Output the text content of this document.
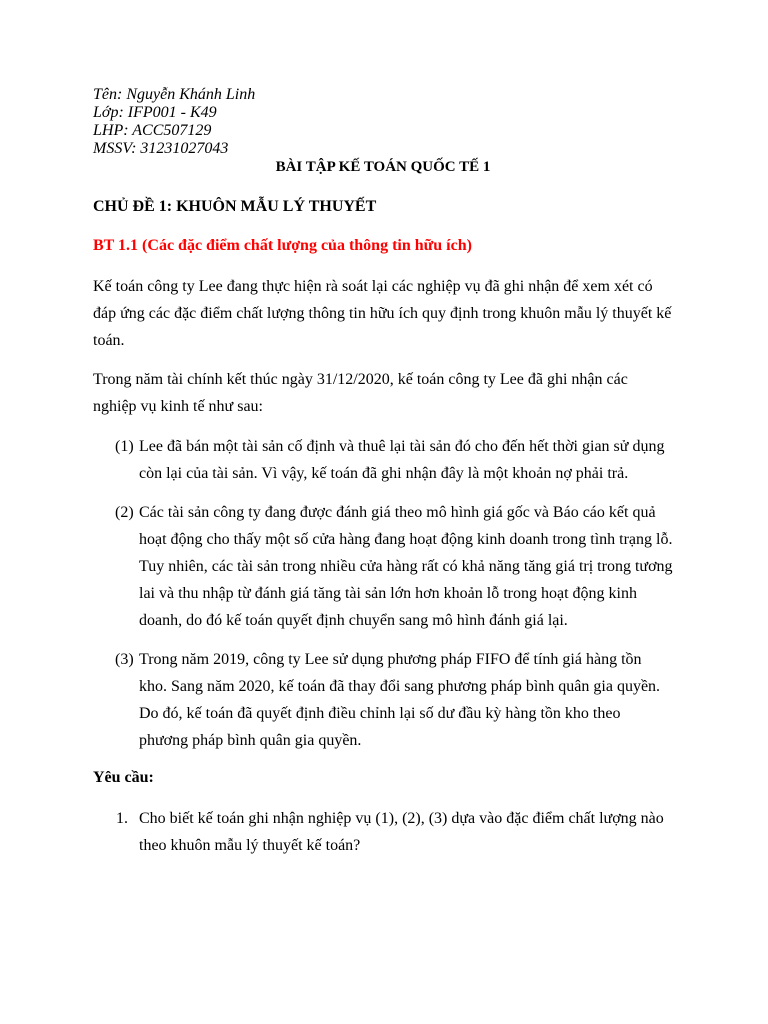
Tên: Nguyễn Khánh Linh

Lớp: IFP001 - K49

LHP: ACC507129

MSSV: 31231027043

BÀI TẬP KẾ TOÁN QUỐC TẾ 1

CHỦ ĐỀ 1: KHUÔN MẪU LÝ THUYẾT

BT 1.1 (Các đặc điểm chất lượng của thông tin hữu ích)

Kế toán công ty Lee đang thực hiện rà soát lại các nghiệp vụ đã ghi nhận để xem xét có đáp ứng các đặc điểm chất lượng thông tin hữu ích quy định trong khuôn mẫu lý thuyết kế toán.

Trong năm tài chính kết thúc ngày 31/12/2020, kế toán công ty Lee đã ghi nhận các nghiệp vụ kinh tế như sau:

(1) Lee đã bán một tài sản cố định và thuê lại tài sản đó cho đến hết thời gian sử dụng còn lại của tài sản. Vì vậy, kế toán đã ghi nhận đây là một khoản nợ phải trả.
(2) Các tài sản công ty đang được đánh giá theo mô hình giá gốc và Báo cáo kết quả hoạt động cho thấy một số cửa hàng đang hoạt động kinh doanh trong tình trạng lỗ. Tuy nhiên, các tài sản trong nhiều cửa hàng rất có khả năng tăng giá trị trong tương lai và thu nhập từ đánh giá tăng tài sản lớn hơn khoản lỗ trong hoạt động kinh doanh, do đó kế toán quyết định chuyển sang mô hình đánh giá lại.
(3) Trong năm 2019, công ty Lee sử dụng phương pháp FIFO để tính giá hàng tồn kho. Sang năm 2020, kế toán đã thay đổi sang phương pháp bình quân gia quyền. Do đó, kế toán đã quyết định điều chỉnh lại số dư đầu kỳ hàng tồn kho theo phương pháp bình quân gia quyền.

Yêu cầu:

1. Cho biết kế toán ghi nhận nghiệp vụ (1), (2), (3) dựa vào đặc điểm chất lượng nào theo khuôn mẫu lý thuyết kế toán?
